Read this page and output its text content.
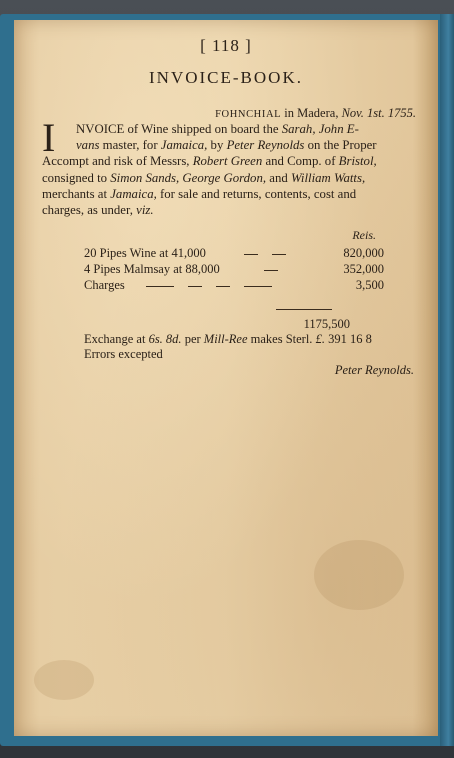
[ 118 ]
INVOICE-BOOK.
FOHNCHIAL in Madera, Nov. 1st. 1755.
I NVOICE of Wine shipped on board the Sarah, John E-
vans master, for Jamaica, by Peter Reynolds on the Proper
Accompt and risk of Messrs, Robert Green and Comp. of Bristol,
consigned to Simon Sands, George Gordon, and William Watts,
merchants at Jamaica, for sale and returns, contents, cost and
charges, as under, viz.
Reis.
20 Pipes Wine at 41,000	820,000
4 Pipes Malmsay at 88,000	352,000
Charges	3,500
1175,500
Exchange at 6s. 8d. per Mill-Ree makes Sterl. £. 391 16 8
Errors excepted
Peter Reynolds.
